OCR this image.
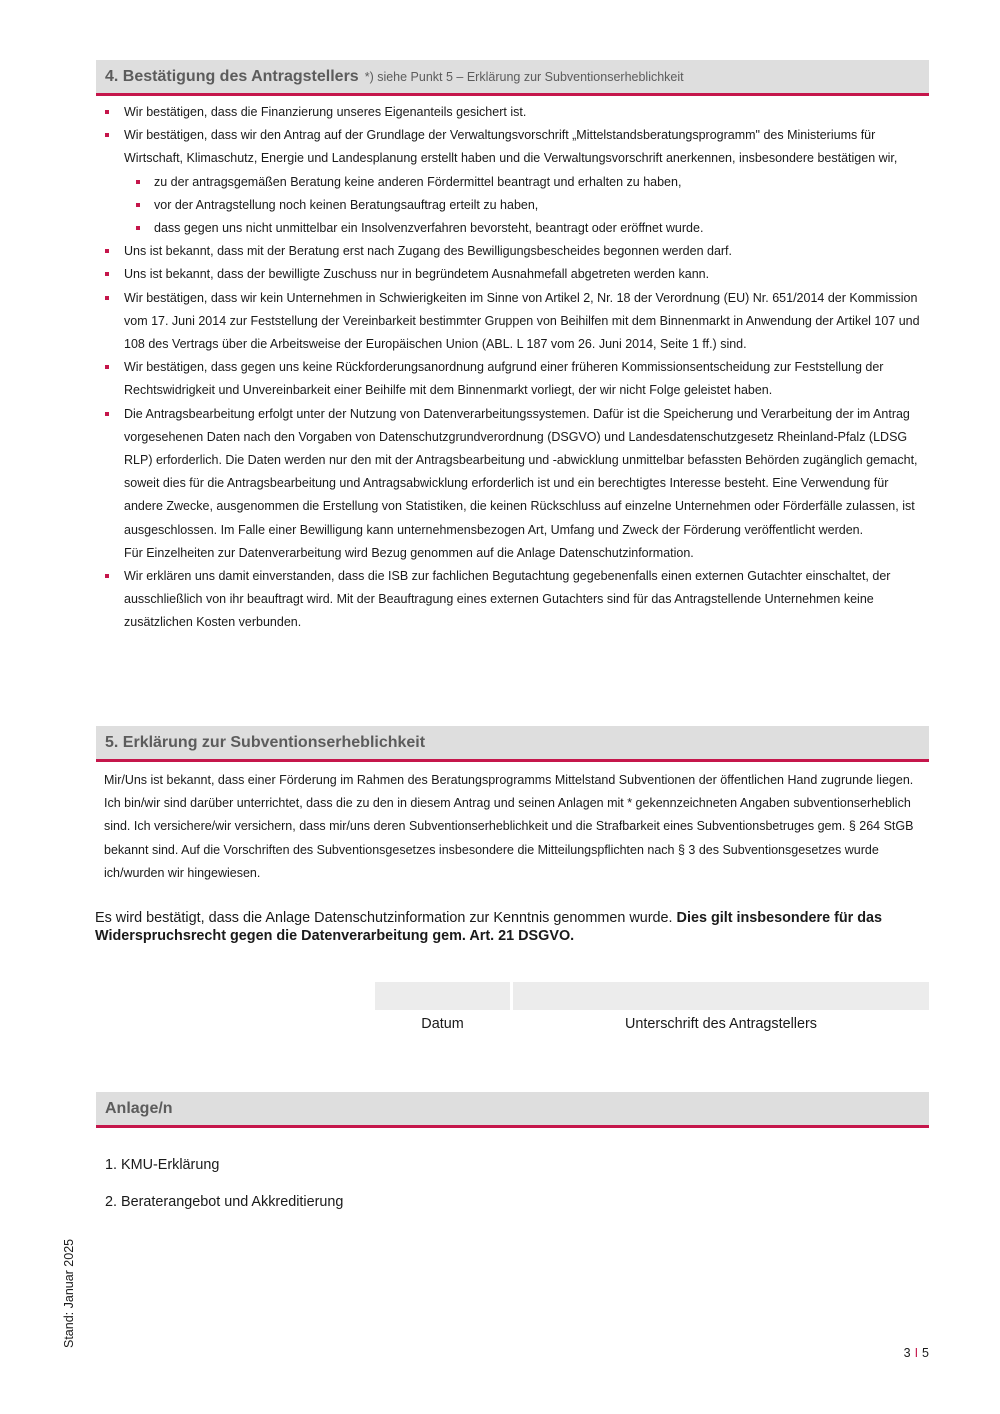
4. Bestätigung des Antragstellers *) siehe Punkt 5 – Erklärung zur Subventionserheblichkeit
Wir bestätigen, dass die Finanzierung unseres Eigenanteils gesichert ist.
Wir bestätigen, dass wir den Antrag auf der Grundlage der Verwaltungsvorschrift „Mittelstandsberatungsprogramm" des Ministeriums für Wirtschaft, Klimaschutz, Energie und Landesplanung erstellt haben und die Verwaltungsvorschrift anerkennen, insbesondere bestätigen wir,
zu der antragsgemäßen Beratung keine anderen Fördermittel beantragt und erhalten zu haben,
vor der Antragstellung noch keinen Beratungsauftrag erteilt zu haben,
dass gegen uns nicht unmittelbar ein Insolvenzverfahren bevorsteht, beantragt oder eröffnet wurde.
Uns ist bekannt, dass mit der Beratung erst nach Zugang des Bewilligungsbescheides begonnen werden darf.
Uns ist bekannt, dass der bewilligte Zuschuss nur in begründetem Ausnahmefall abgetreten werden kann.
Wir bestätigen, dass wir kein Unternehmen in Schwierigkeiten im Sinne von Artikel 2, Nr. 18 der Verordnung (EU) Nr. 651/2014 der Kommission vom 17. Juni 2014 zur Feststellung der Vereinbarkeit bestimmter Gruppen von Beihilfen mit dem Binnenmarkt in Anwendung der Artikel 107 und 108 des Vertrags über die Arbeitsweise der Europäischen Union (ABL. L 187 vom 26. Juni 2014, Seite 1 ff.) sind.
Wir bestätigen, dass gegen uns keine Rückforderungsanordnung aufgrund einer früheren Kommissionsentscheidung zur Feststellung der Rechtswidrigkeit und Unvereinbarkeit einer Beihilfe mit dem Binnenmarkt vorliegt, der wir nicht Folge geleistet haben.
Die Antragsbearbeitung erfolgt unter der Nutzung von Datenverarbeitungssystemen. Dafür ist die Speicherung und Verarbeitung der im Antrag vorgesehenen Daten nach den Vorgaben von Datenschutzgrundverordnung (DSGVO) und Landesdatenschutzgesetz Rheinland-Pfalz (LDSG RLP) erforderlich. Die Daten werden nur den mit der Antragsbearbeitung und -abwicklung unmittelbar befassten Behörden zugänglich gemacht, soweit dies für die Antragsbearbeitung und Antragsabwicklung erforderlich ist und ein berechtigtes Interesse besteht. Eine Verwendung für andere Zwecke, ausgenommen die Erstellung von Statistiken, die keinen Rückschluss auf einzelne Unternehmen oder Förderfälle zulassen, ist ausgeschlossen. Im Falle einer Bewilligung kann unternehmensbezogen Art, Umfang und Zweck der Förderung veröffentlicht werden.
Für Einzelheiten zur Datenverarbeitung wird Bezug genommen auf die Anlage Datenschutzinformation.
Wir erklären uns damit einverstanden, dass die ISB zur fachlichen Begutachtung gegebenenfalls einen externen Gutachter einschaltet, der ausschließlich von ihr beauftragt wird. Mit der Beauftragung eines externen Gutachters sind für das Antragstellende Unternehmen keine zusätzlichen Kosten verbunden.
5. Erklärung zur Subventionserheblichkeit

Mir/Uns ist bekannt, dass einer Förderung im Rahmen des Beratungsprogramms Mittelstand Subventionen der öffentlichen Hand zugrunde liegen. Ich bin/wir sind darüber unterrichtet, dass die zu den in diesem Antrag und seinen Anlagen mit * gekennzeichneten Angaben subventionserheblich sind. Ich versichere/wir versichern, dass mir/uns deren Subventionserheblichkeit und die Strafbarkeit eines Subventionsbetruges gem. § 264 StGB bekannt sind. Auf die Vorschriften des Subventionsgesetzes insbesondere die Mitteilungspflichten nach § 3 des Subventionsgesetzes wurde ich/wurden wir hingewiesen.

Es wird bestätigt, dass die Anlage Datenschutzinformation zur Kenntnis genommen wurde. Dies gilt insbesondere für das Widerspruchsrecht gegen die Datenverarbeitung gem. Art. 21 DSGVO.

Datum	Unterschrift des Antragstellers
Anlage/n
1. KMU-Erklärung
2. Beraterangebot und Akkreditierung
Stand: Januar 2025
3 I 5
